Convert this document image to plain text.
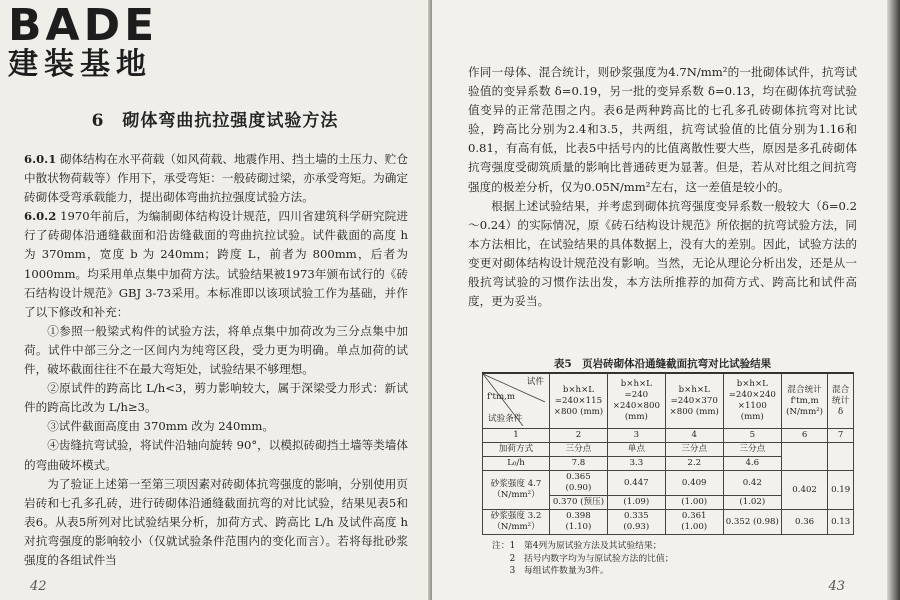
BADE
建装基地
6　砌体弯曲抗拉强度试验方法

6.0.1 砌体结构在水平荷载（如风荷载、地震作用、挡土墙的土压力、贮仓中散状物荷载等）作用下，承受弯矩：一般砖砌过梁，亦承受弯矩。为确定砖砌体受弯承载能力，提出砌体弯曲抗拉强度试验方法。

6.0.2 1970年前后，为编制砌体结构设计规范，四川省建筑科学研究院进行了砖砌体沿通缝截面和沿齿缝截面的弯曲抗拉试验。试件截面的高度 h 为 370mm，宽度 b 为 240mm；跨度 L，前者为 800mm，后者为 1000mm。均采用单点集中加荷方法。试验结果被1973年颁布试行的《砖石结构设计规范》GBJ 3-73采用。本标准即以该项试验工作为基础，并作了以下修改和补充：

①参照一般梁式构件的试验方法，将单点集中加荷改为三分点集中加荷。试件中部三分之一区间内为纯弯区段，受力更为明确。单点加荷的试件，破坏截面往往不在最大弯矩处，试验结果不够理想。

②原试件的跨高比 L/h<3，剪力影响较大，属于深梁受力形式：新试件的跨高比改为 L/h≥3。

③试件截面高度由 370mm 改为 240mm。

④齿缝抗弯试验，将试件沿轴向旋转 90°，以模拟砖砌挡土墙等类墙体的弯曲破坏模式。

为了验证上述第一至第三项因素对砖砌体抗弯强度的影响，分别使用页岩砖和七孔多孔砖，进行砖砌体沿通缝截面抗弯的对比试验，结果见表5和表6。从表5所列对比试验结果分析，加荷方式、跨高比 L/h 及试件高度 h 对抗弯强度的影响较小（仅就试验条件范围内的变化而言）。若将每批砂浆强度的各组试件当

42

作同一母体、混合统计，则砂浆强度为4.7N/mm²的一批砌体试件，抗弯试验值的变异系数 δ=0.19，另一批的变异系数 δ=0.13，均在砌体抗弯试验值变异的正常范围之内。表6是两种跨高比的七孔多孔砖砌体抗弯对比试验，跨高比分别为2.4和3.5，共两组，抗弯试验值的比值分别为1.16和0.81，有高有低，比表5中括号内的比值离散性要大些，原因是多孔砖砌体抗弯强度受砌筑质量的影响比普通砖更为显著。但是，若从对比组之间抗弯强度的极差分析，仅为0.05N/mm²左右，这一差值是较小的。

根据上述试验结果，并考虑到砌体抗弯强度变异系数一般较大（δ=0.2～0.24）的实际情况，原《砖石结构设计规范》所依据的抗弯试验方法，同本方法相比，在试验结果的具体数据上，没有大的差别。因此，试验方法的变更对砌体结构设计规范没有影响。当然，无论从理论分析出发，还是从一般抗弯试验的习惯作法出发，本方法所推荐的加荷方式、跨高比和试件高度，更为妥当。

表5　页岩砖砌体沿通缝截面抗弯对比试验结果
试件
f'tm,m
试验条件	b×h×L =240×115 ×800 (mm)	b×h×L =240 ×240×800 (mm)	b×h×L =240×370 ×800 (mm)	b×h×L =240×240 ×1100 (mm)	混合统计 f'tm,m (N/mm²)	混合统计 δ
1	2	3	4	5	6	7
加荷方式	三分点	单点	三分点	三分点		
L₀/h	7.8	3.3	2.2	4.6		
砂浆强度 4.7（N/mm²）	0.365 (0.90)	0.447	0.409	0.42	0.402	0.19
	0.370 (预压)	(1.09)	(1.00)	(1.02)		
砂浆强度 3.2（N/mm²）	0.398 (1.10)	0.335 (0.93)	0.361 (1.00)	0.352 (0.98)	0.36	0.13
注：1　第4列为原试验方法及其试验结果；
　　2　括号内数字均为与原试验方法的比值；
　　3　每组试件数量为3件。
43
